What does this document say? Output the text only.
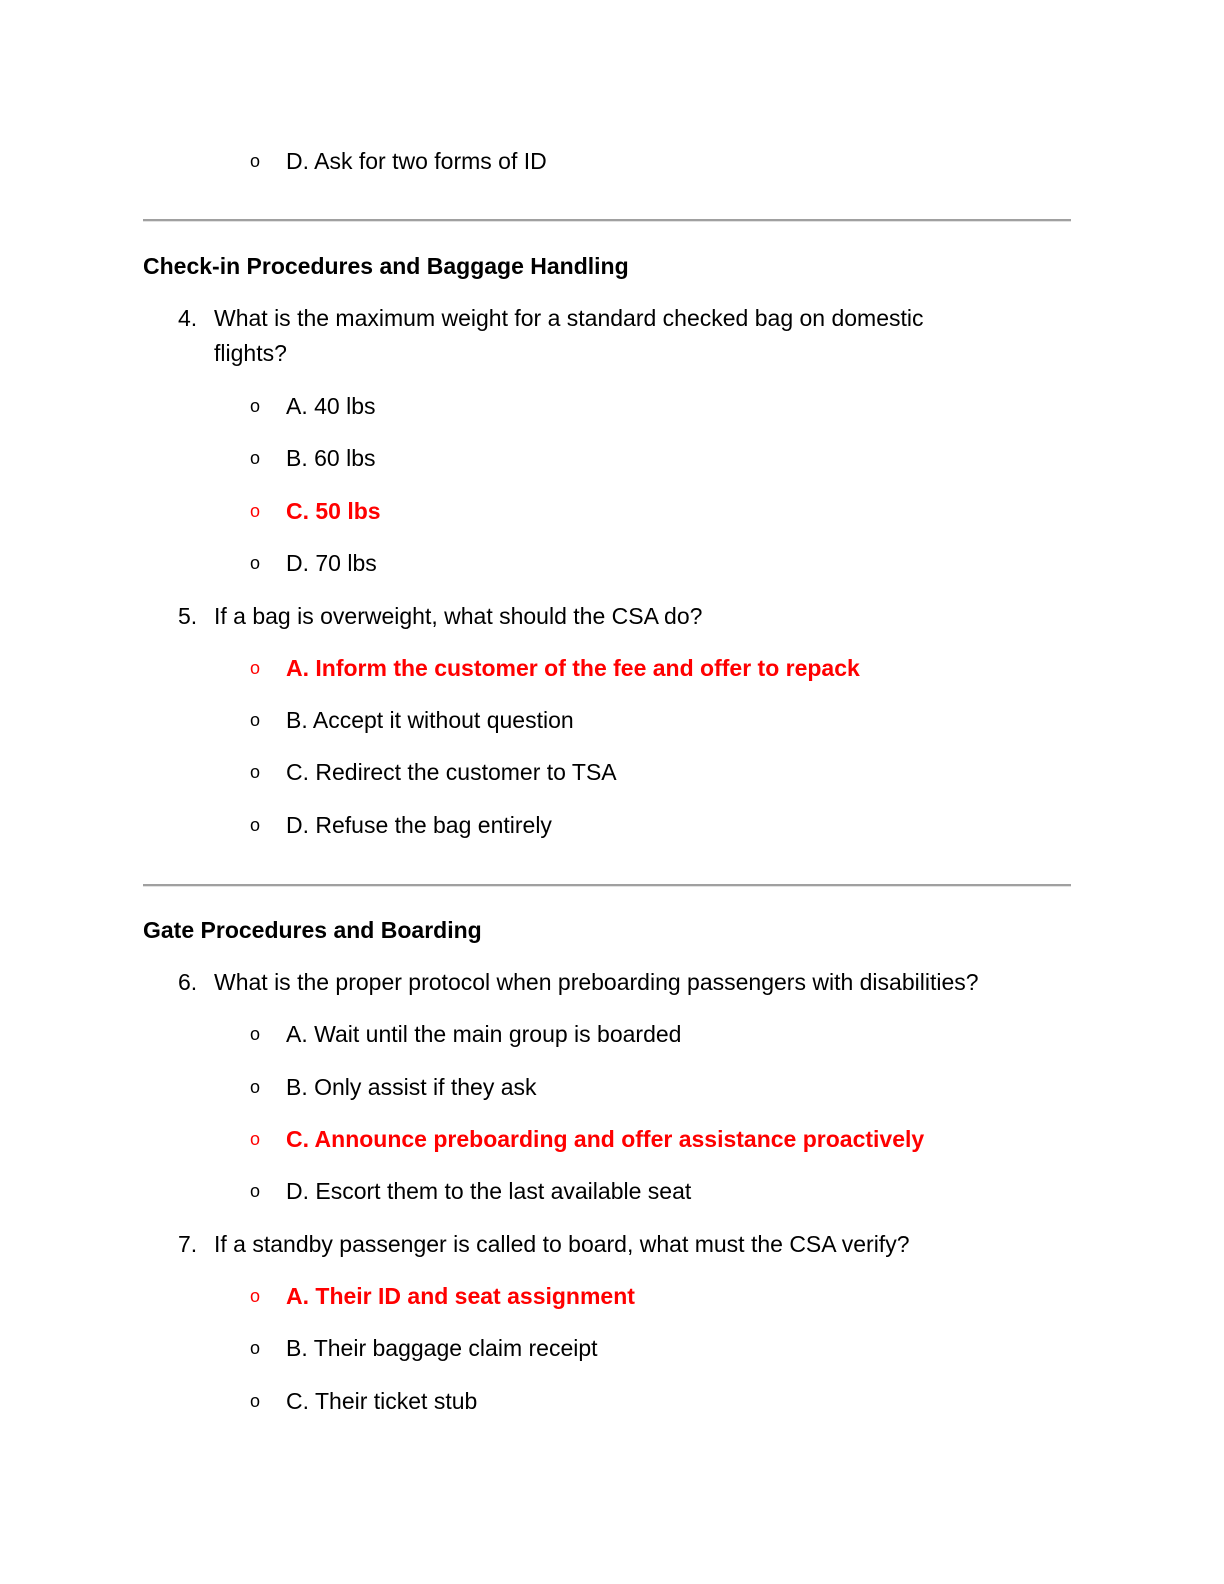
o D. Ask for two forms of ID
Check-in Procedures and Baggage Handling
4. What is the maximum weight for a standard checked bag on domestic
flights?
o A. 40 lbs
o B. 60 lbs
o C. 50 lbs
o D. 70 lbs
5. If a bag is overweight, what should the CSA do?
o A. Inform the customer of the fee and offer to repack
o B. Accept it without question
o C. Redirect the customer to TSA
o D. Refuse the bag entirely
Gate Procedures and Boarding
6. What is the proper protocol when preboarding passengers with disabilities?
o A. Wait until the main group is boarded
o B. Only assist if they ask
o C. Announce preboarding and offer assistance proactively
o D. Escort them to the last available seat
7. If a standby passenger is called to board, what must the CSA verify?
o A. Their ID and seat assignment
o B. Their baggage claim receipt
o C. Their ticket stub
